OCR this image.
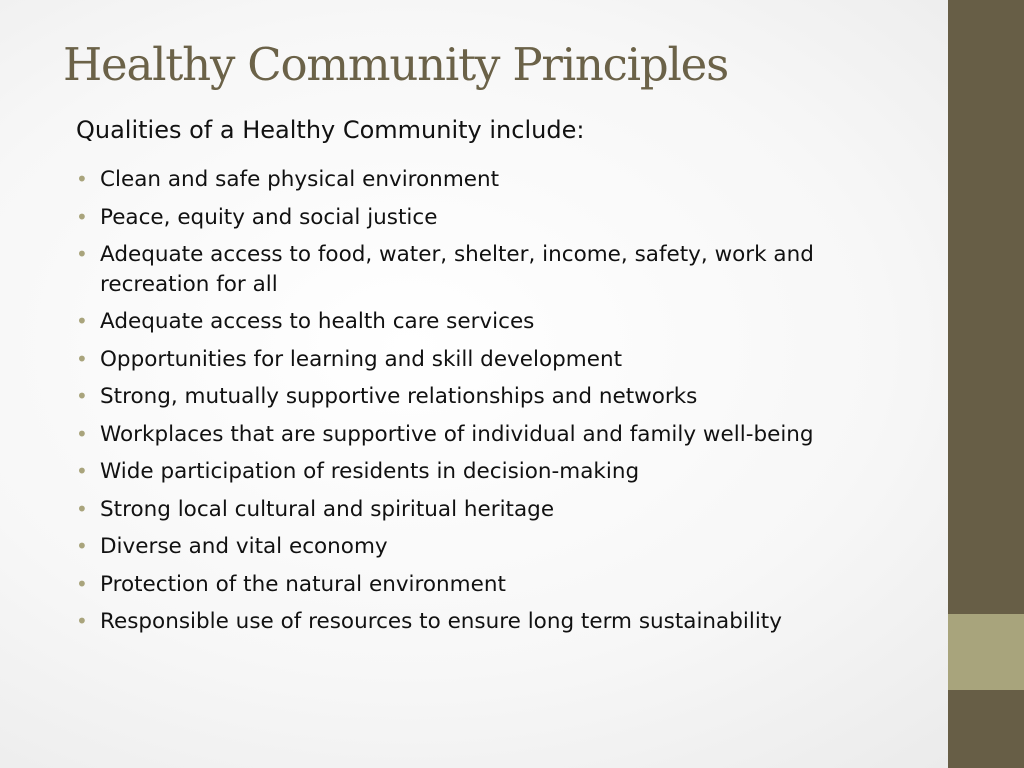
Healthy Community Principles

Qualities of a Healthy Community include:

• Clean and safe physical environment
• Peace, equity and social justice
• Adequate access to food, water, shelter, income, safety, work and recreation for all
• Adequate access to health care services
• Opportunities for learning and skill development
• Strong, mutually supportive relationships and networks
• Workplaces that are supportive of individual and family well-being
• Wide participation of residents in decision-making
• Strong local cultural and spiritual heritage
• Diverse and vital economy
• Protection of the natural environment
• Responsible use of resources to ensure long term sustainability
